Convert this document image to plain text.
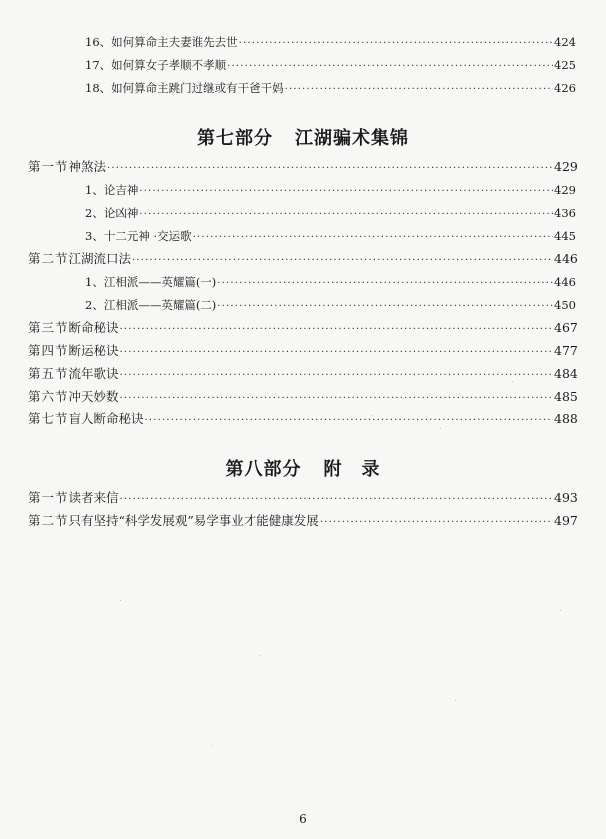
16、如何算命主夫妻谁先去世 ·····	424
17、如何算女子孝顺不孝顺 ·····	425
18、如何算命主跳门过继或有干爸干妈 ·····	426
第七部分 江湖骗术集锦
第一节 神煞法 ·····	429
1、论吉神 ·····	429
2、论凶神 ·····	436
3、十二元神 ·交运歌 ·····	445
第二节 江湖流口法 ·····	446
1、江相派——英耀篇(一) ·····	446
2、江相派——英耀篇(二) ·····	450
第三节 断命秘诀 ·····	467
第四节 断运秘诀 ·····	477
第五节 流年歌诀 ·····	484
第六节 冲天妙数 ·····	485
第七节 盲人断命秘诀 ·····	488
第八部分 附　录
第一节 读者来信 ·····	493
第二节 只有坚持“科学发展观”易学事业才能健康发展 ·····	497
6
